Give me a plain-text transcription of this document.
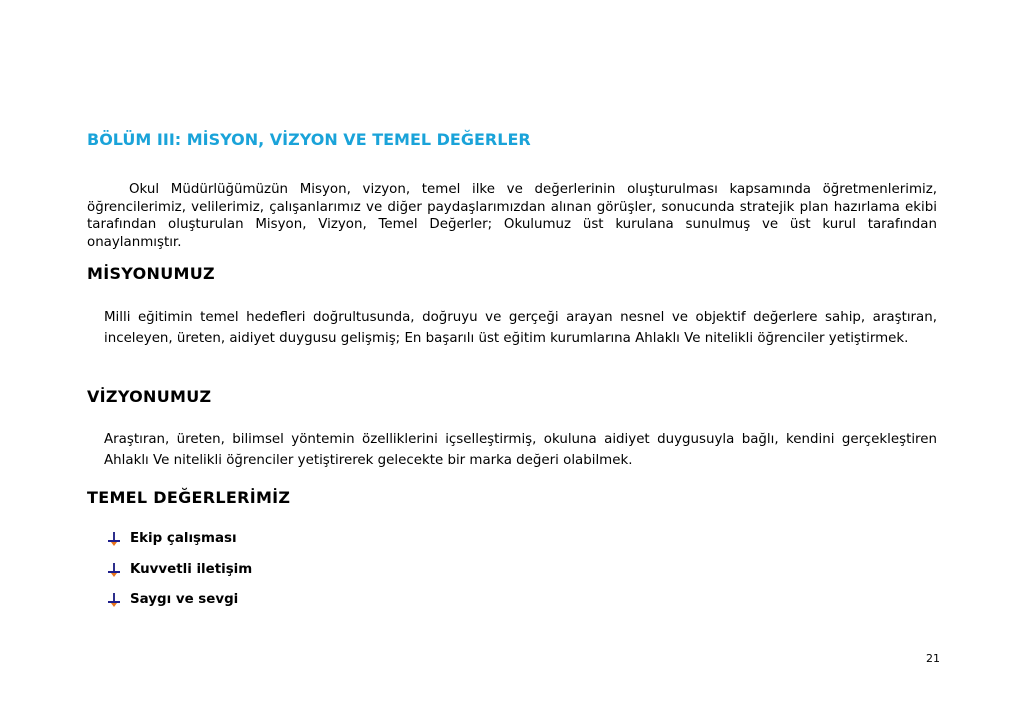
BÖLÜM III: MİSYON, VİZYON VE TEMEL DEĞERLER

Okul Müdürlüğümüzün Misyon, vizyon, temel ilke ve değerlerinin oluşturulması kapsamında öğretmenlerimiz, öğrencilerimiz, velilerimiz, çalışanlarımız ve diğer paydaşlarımızdan alınan görüşler, sonucunda stratejik plan hazırlama ekibi tarafından oluşturulan Misyon, Vizyon, Temel Değerler; Okulumuz üst kurulana sunulmuş ve üst kurul tarafından onaylanmıştır.

MİSYONUMUZ

Milli eğitimin temel hedefleri doğrultusunda, doğruyu ve gerçeği arayan nesnel ve objektif değerlere sahip, araştıran, inceleyen, üreten, aidiyet duygusu gelişmiş; En başarılı üst eğitim kurumlarına Ahlaklı Ve nitelikli öğrenciler yetiştirmek.

VİZYONUMUZ

Araştıran, üreten, bilimsel yöntemin özelliklerini içselleştirmiş, okuluna aidiyet duygusuyla bağlı, kendini gerçekleştiren Ahlaklı Ve nitelikli öğrenciler yetiştirerek gelecekte bir marka değeri olabilmek.

TEMEL DEĞERLERİMİZ
Ekip çalışması
Kuvvetli iletişim
Saygı ve sevgi

21
